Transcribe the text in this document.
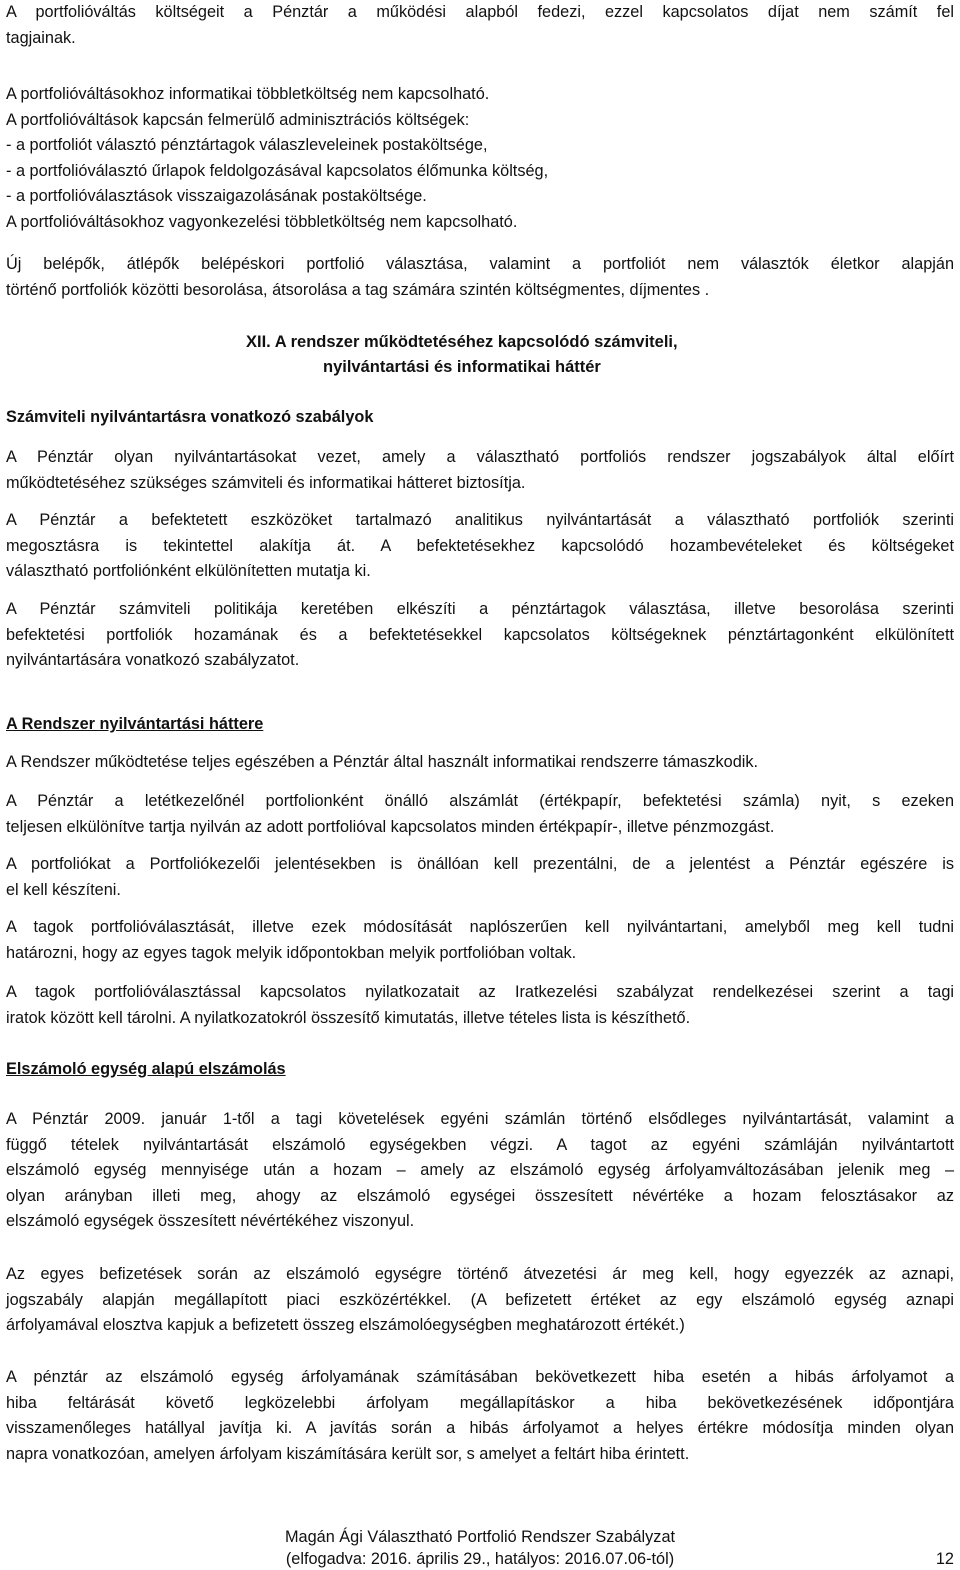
A portfolióváltás költségeit a Pénztár a működési alapból fedezi, ezzel kapcsolatos díjat nem számít fel
tagjainak.
A portfolióváltásokhoz informatikai többletköltség nem kapcsolható.
A portfolióváltások kapcsán felmerülő adminisztrációs költségek:
- a portfoliót választó pénztártagok válaszleveleinek postaköltsége,
- a portfolióválasztó űrlapok feldolgozásával kapcsolatos élőmunka költség,
- a portfolióválasztások visszaigazolásának postaköltsége.
A portfolióváltásokhoz vagyonkezelési többletköltség nem kapcsolható.
Új belépők, átlépők belépéskori portfolió választása, valamint a portfoliót nem választók életkor alapján
történő portfoliók közötti besorolása, átsorolása a tag számára szintén költségmentes, díjmentes .
XII. A rendszer működtetéséhez kapcsolódó számviteli,
nyilvántartási és informatikai háttér
Számviteli nyilvántartásra vonatkozó szabályok
A Pénztár olyan nyilvántartásokat vezet, amely a választható portfoliós rendszer jogszabályok által előírt
működtetéséhez szükséges számviteli és informatikai hátteret biztosítja.
A Pénztár a befektetett eszközöket tartalmazó analitikus nyilvántartását a választható portfoliók szerinti
megosztásra is tekintettel alakítja át. A befektetésekhez kapcsolódó hozambevételeket és költségeket
választható portfoliónként elkülönítetten mutatja ki.
A Pénztár számviteli politikája keretében elkészíti a pénztártagok választása, illetve besorolása szerinti
befektetési portfoliók hozamának és a befektetésekkel kapcsolatos költségeknek pénztártagonként elkülönített
nyilvántartására vonatkozó szabályzatot.
A Rendszer nyilvántartási háttere
A Rendszer működtetése teljes egészében a Pénztár által használt informatikai rendszerre támaszkodik.
A Pénztár a letétkezelőnél portfolionként önálló alszámlát (értékpapír, befektetési számla) nyit, s ezeken
teljesen elkülönítve tartja nyilván az adott portfolióval kapcsolatos minden értékpapír-, illetve pénzmozgást.
A portfoliókat a Portfoliókezelői jelentésekben is önállóan kell prezentálni, de a jelentést a Pénztár egészére is
el kell készíteni.
A tagok portfolióválasztását, illetve ezek módosítását naplószerűen kell nyilvántartani, amelyből meg kell tudni
határozni, hogy az egyes tagok melyik időpontokban melyik portfolióban voltak.
A tagok portfolióválasztással kapcsolatos nyilatkozatait az Iratkezelési szabályzat rendelkezései szerint a tagi
iratok között kell tárolni. A nyilatkozatokról összesítő kimutatás, illetve tételes lista is készíthető.
Elszámoló egység alapú elszámolás
A Pénztár 2009. január 1-től a tagi követelések egyéni számlán történő elsődleges nyilvántartását, valamint a
függő tételek nyilvántartását elszámoló egységekben végzi. A tagot az egyéni számláján nyilvántartott
elszámoló egység mennyisége után a hozam – amely az elszámoló egység árfolyamváltozásában jelenik meg –
olyan arányban illeti meg, ahogy az elszámoló egységei összesített névértéke a hozam felosztásakor az
elszámoló egységek összesített névértékéhez viszonyul.
Az egyes befizetések során az elszámoló egységre történő átvezetési ár meg kell, hogy egyezzék az aznapi,
jogszabály alapján megállapított piaci eszközértékkel. (A befizetett értéket az egy elszámoló egység aznapi
árfolyamával elosztva kapjuk a befizetett összeg elszámolóegységben meghatározott értékét.)
A pénztár az elszámoló egység árfolyamának számításában bekövetkezett hiba esetén a hibás árfolyamot a
hiba feltárását követő legközelebbi árfolyam megállapításkor a hiba bekövetkezésének időpontjára
visszamenőleges hatállyal javítja ki. A javítás során a hibás árfolyamot a helyes értékre módosítja minden olyan
napra vonatkozóan, amelyen árfolyam kiszámítására került sor, s amelyet a feltárt hiba érintett.
Magán Ági Választható Portfolió Rendszer Szabályzat
(elfogadva: 2016. április 29., hatályos: 2016.07.06-tól)	12
